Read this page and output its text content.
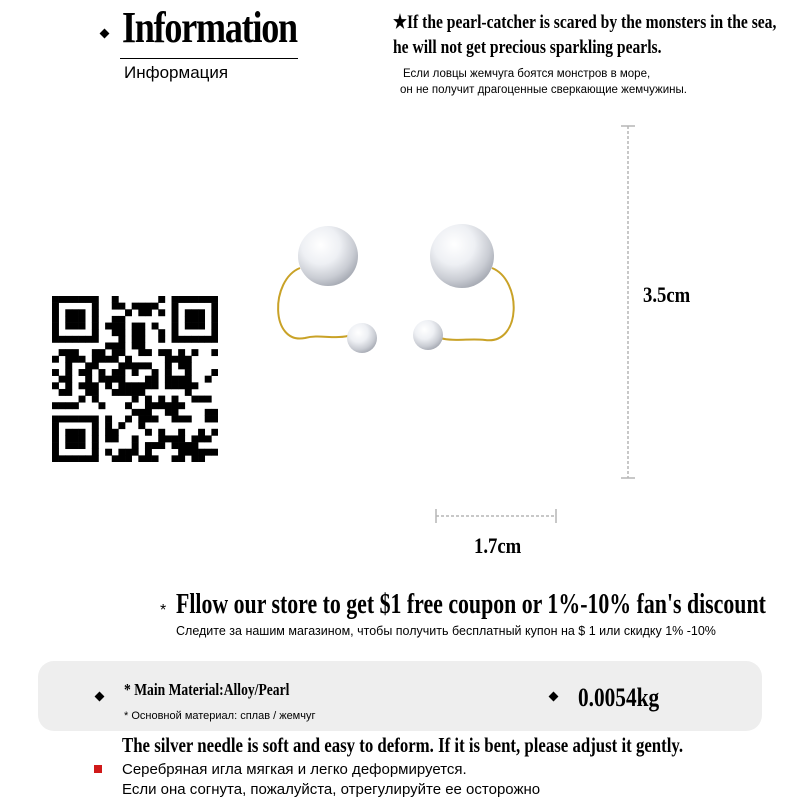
Information
Информация
★If the pearl-catcher is scared by the monsters in the sea,
he will not get precious sparkling pearls.
Если ловцы жемчуга боятся монстров в море,
он не получит драгоценные сверкающие жемчужины.
3.5cm
1.7cm
* Fllow our store to get $1 free coupon or 1%-10% fan's discount
Следите за нашим магазином, чтобы получить бесплатный купон на $ 1 или скидку 1% -10%
* Main Material:Alloy/Pearl
* Основной материал: сплав / жемчуг
0.0054kg
The silver needle is soft and easy to deform. If it is bent, please adjust it gently.
Серебряная игла мягкая и легко деформируется.
Если она согнута, пожалуйста, отрегулируйте ее осторожно
